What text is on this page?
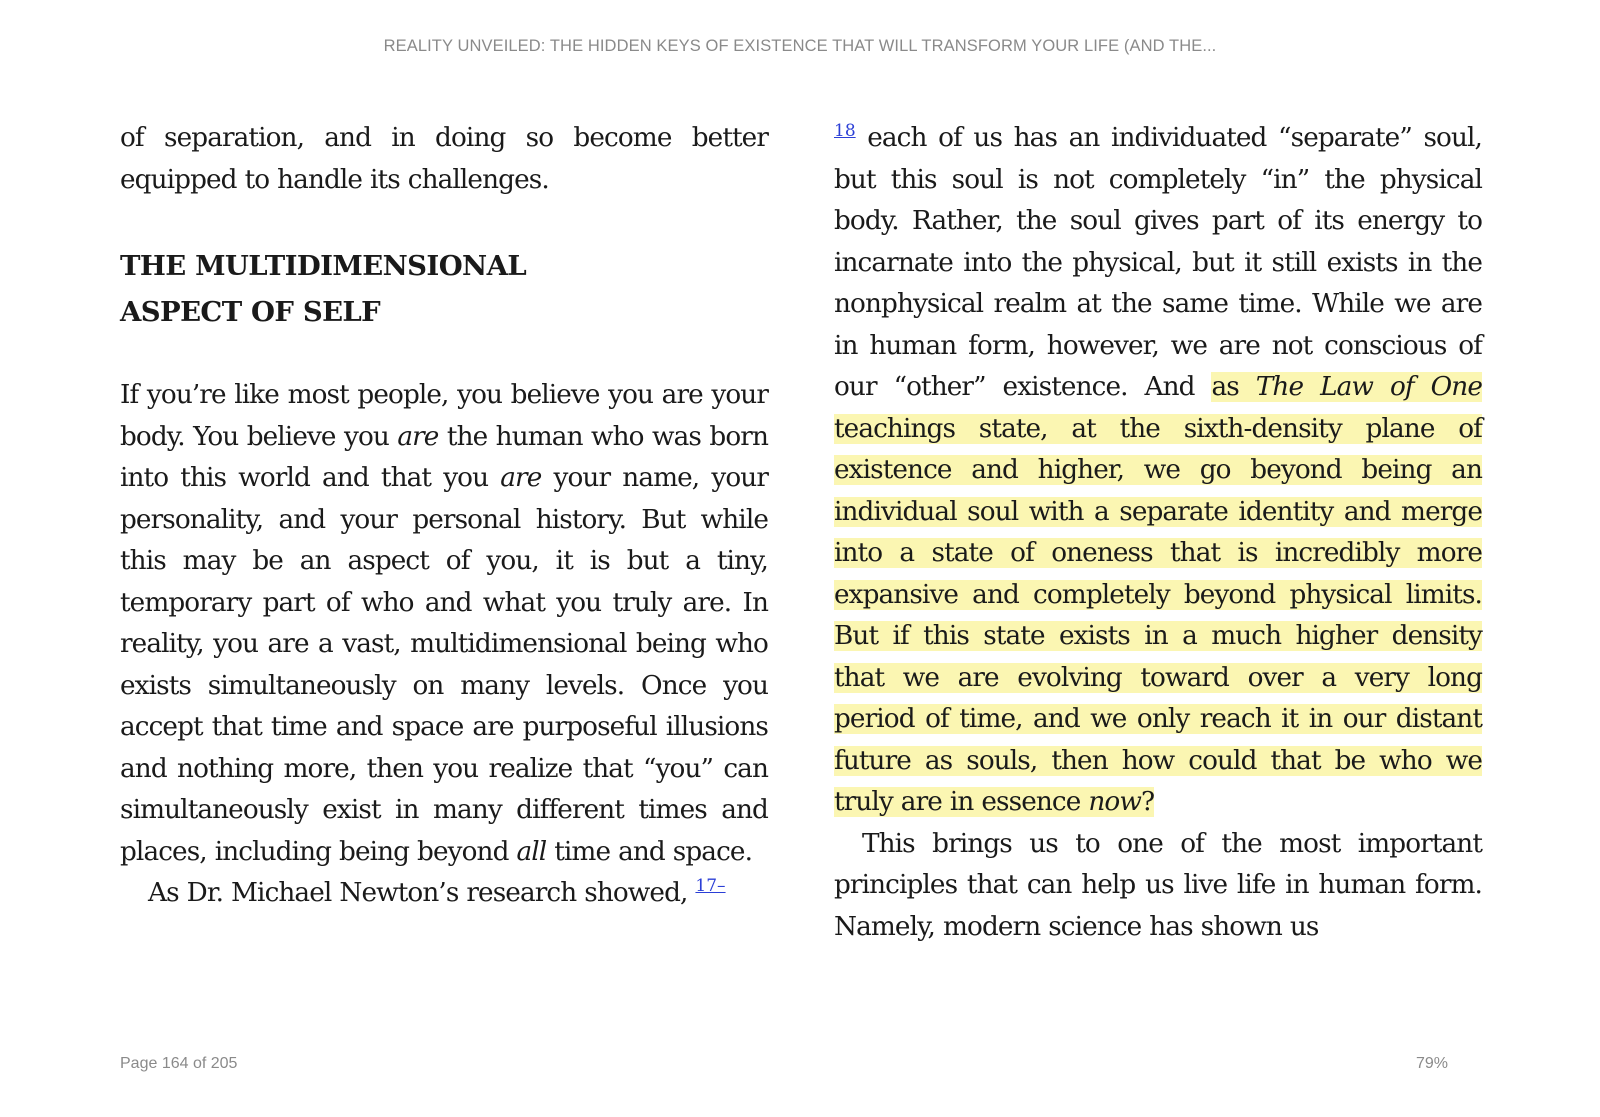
REALITY UNVEILED: THE HIDDEN KEYS OF EXISTENCE THAT WILL TRANSFORM YOUR LIFE (AND THE...

of separation, and in doing so become better equipped to handle its challenges.

THE MULTIDIMENSIONAL
ASPECT OF SELF

If you’re like most people, you believe you are your body. You believe you are the human who was born into this world and that you are your name, your personality, and your personal history. But while this may be an aspect of you, it is but a tiny, temporary part of who and what you truly are. In reality, you are a vast, multidimensional being who exists simultaneously on many levels. Once you accept that time and space are purposeful illusions and nothing more, then you realize that “you” can simultaneously exist in many different times and places, including being beyond all time and space.

As Dr. Michael Newton’s research showed, $^{17-}$

$^{18}$ each of us has an individuated “separate” soul, but this soul is not completely “in” the physical body. Rather, the soul gives part of its energy to incarnate into the physical, but it still exists in the nonphysical realm at the same time. While we are in human form, however, we are not conscious of our “other” existence. And as The Law of One teachings state, at the sixth-density plane of existence and higher, we go beyond being an individual soul with a separate identity and merge into a state of oneness that is incredibly more expansive and completely beyond physical limits. But if this state exists in a much higher density that we are evolving toward over a very long period of time, and we only reach it in our distant future as souls, then how could that be who we truly are in essence now?

This brings us to one of the most important principles that can help us live life in human form. Namely, modern science has shown us

Page 164 of 205	79%
